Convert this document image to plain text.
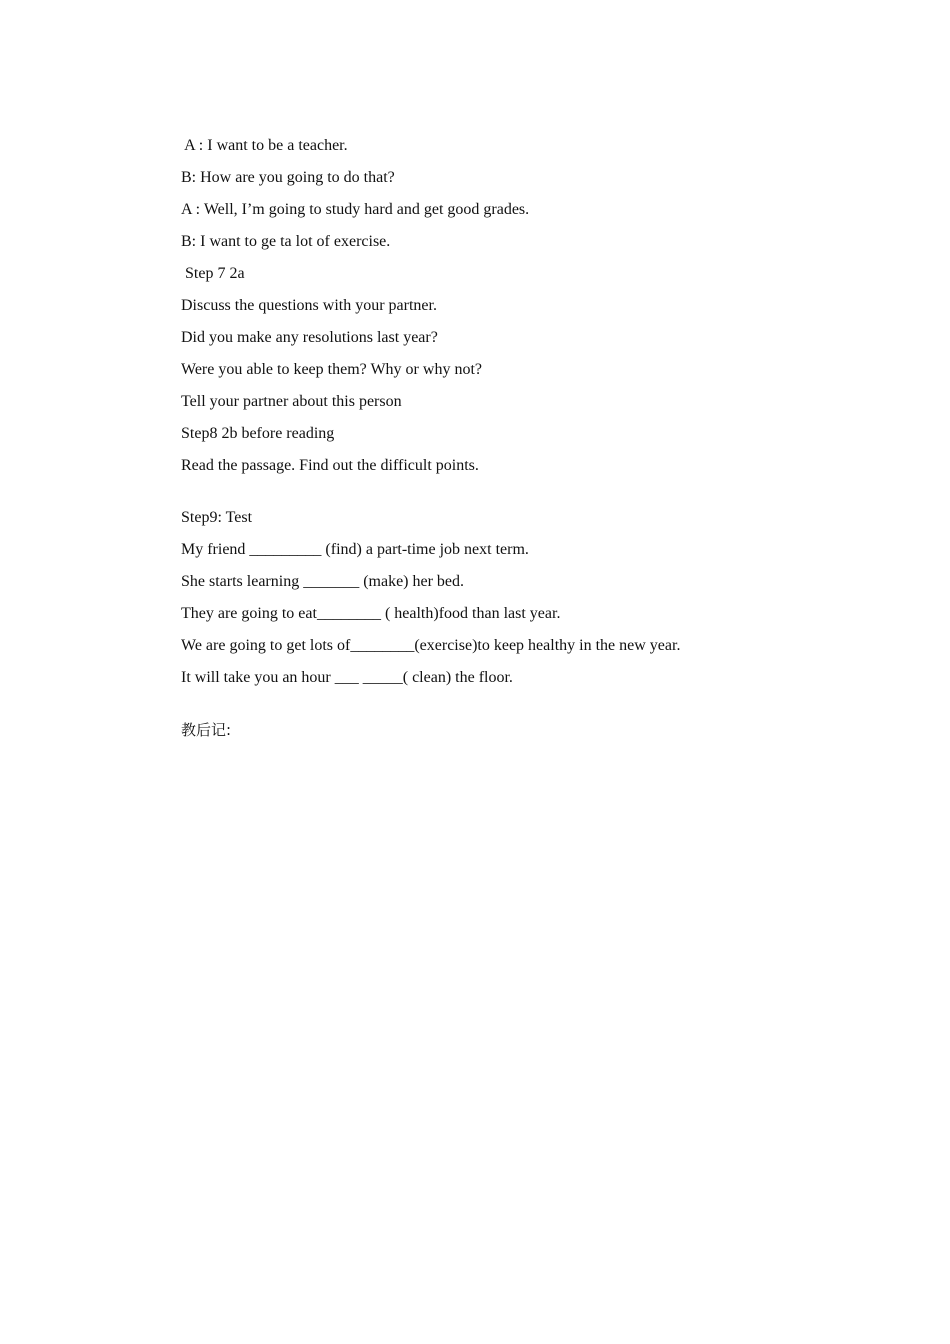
A : I want to be a teacher.
B: How are you going to do that?
A : Well, I’m going to study hard and get good grades.
B: I want to ge ta lot of exercise.
Step 7 2a
Discuss the questions with your partner.
Did you make any resolutions last year?
Were you able to keep them? Why or why not?
Tell your partner about this person
Step8 2b before reading
Read the passage. Find out the difficult points.
Step9: Test
My friend _________ (find) a part-time job next term.
She starts learning _______ (make) her bed.
They are going to eat________ ( health)food than last year.
We are going to get lots of________(exercise)to keep healthy in the new year.
It will take you an hour ___ _____( clean) the floor.
教后记:
